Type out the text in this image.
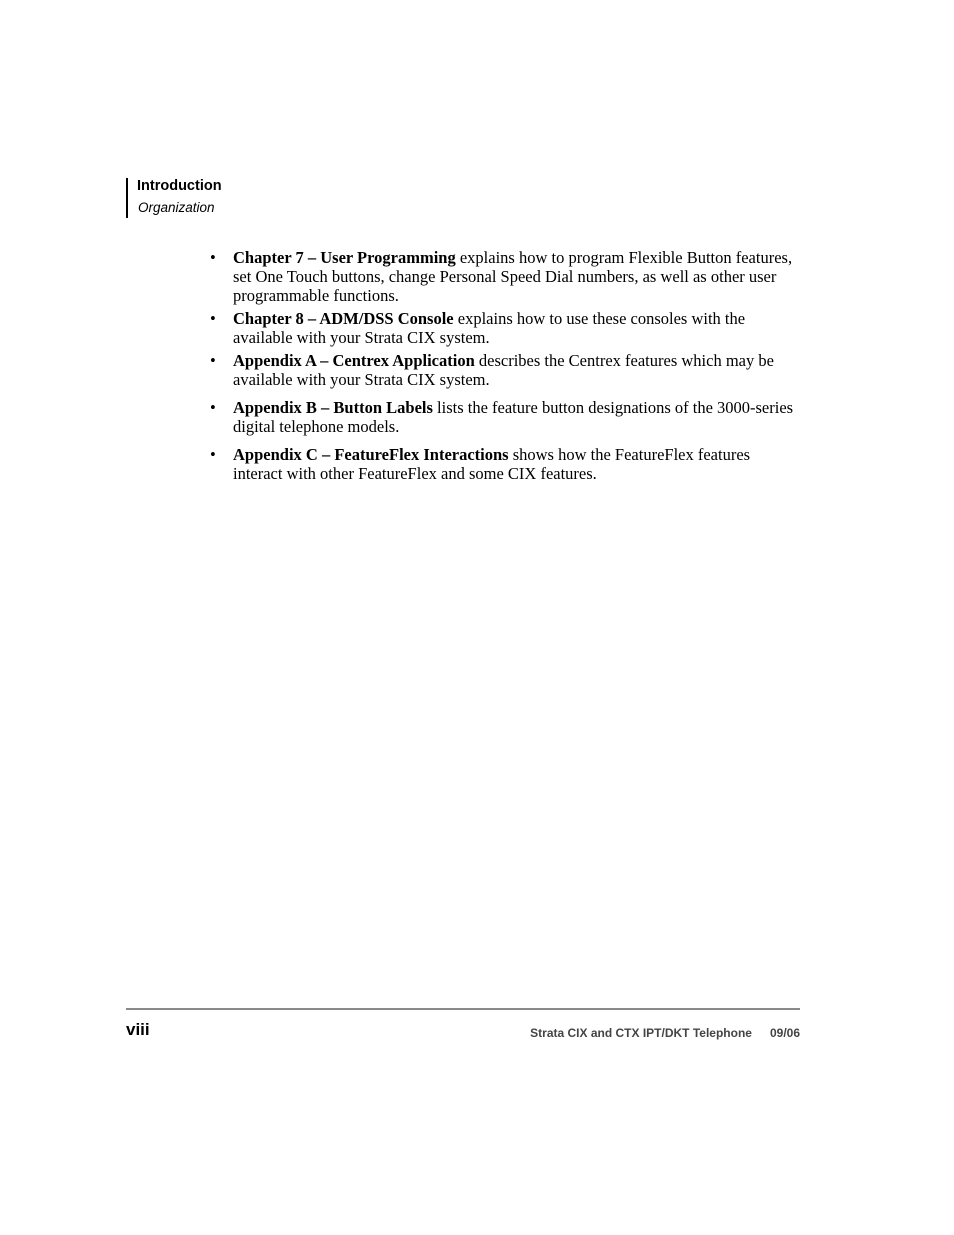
Introduction
Organization
• Chapter 7 – User Programming explains how to program Flexible Button features, set One Touch buttons, change Personal Speed Dial numbers, as well as other user programmable functions.
• Chapter 8 – ADM/DSS Console explains how to use these consoles with the available with your Strata CIX system.
• Appendix A – Centrex Application describes the Centrex features which may be available with your Strata CIX system.
• Appendix B – Button Labels lists the feature button designations of the 3000-series digital telephone models.
• Appendix C – FeatureFlex Interactions shows how the FeatureFlex features interact with other FeatureFlex and some CIX features.
viii	Strata CIX and CTX IPT/DKT Telephone 09/06
